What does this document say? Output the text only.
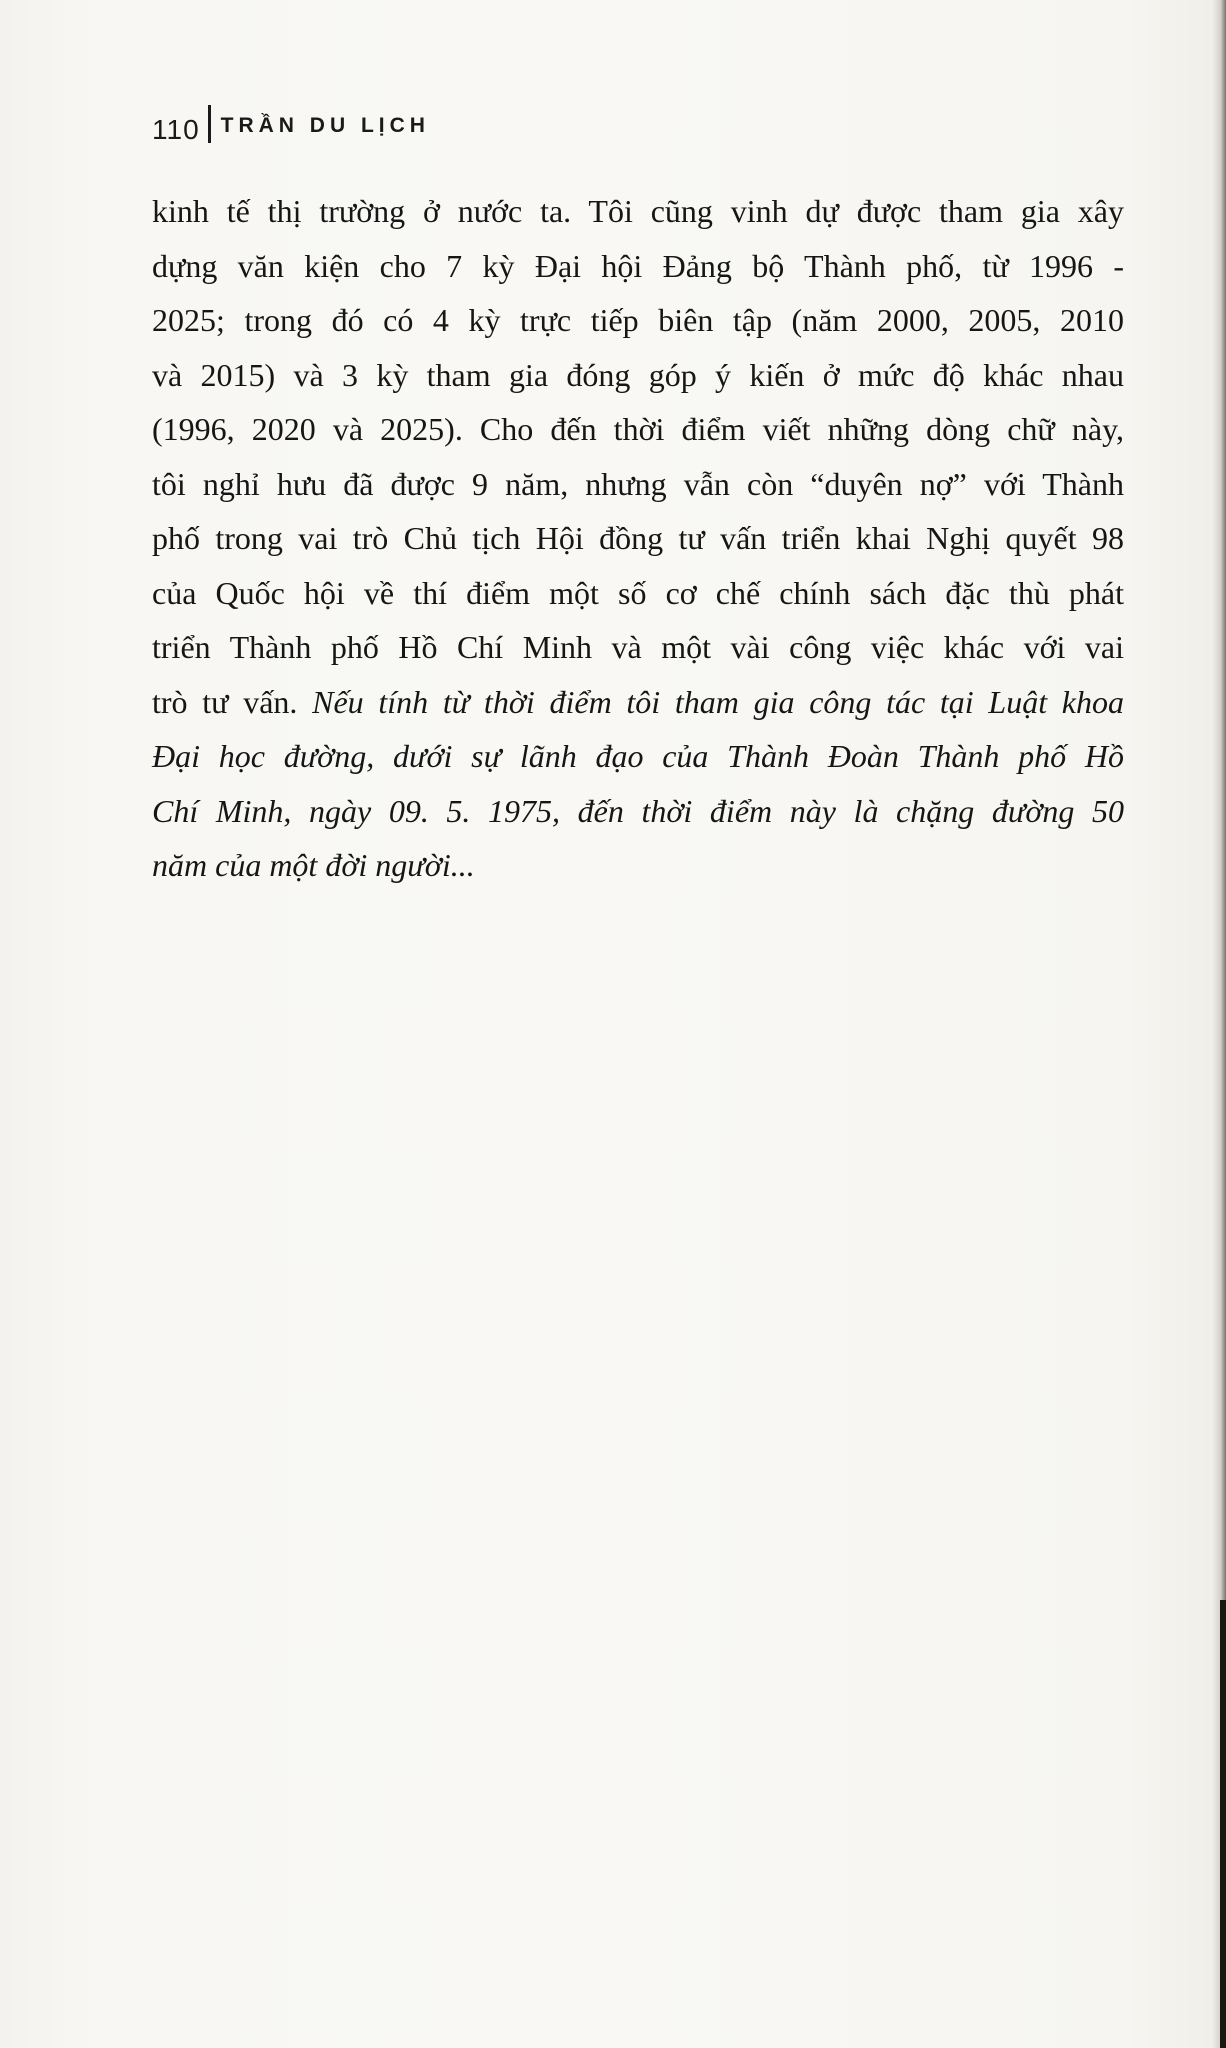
110 TRẦN DU LỊCH
kinh tế thị trường ở nước ta. Tôi cũng vinh dự được tham gia xây
dựng văn kiện cho 7 kỳ Đại hội Đảng bộ Thành phố, từ 1996 -
2025; trong đó có 4 kỳ trực tiếp biên tập (năm 2000, 2005, 2010
và 2015) và 3 kỳ tham gia đóng góp ý kiến ở mức độ khác nhau
(1996, 2020 và 2025). Cho đến thời điểm viết những dòng chữ này,
tôi nghỉ hưu đã được 9 năm, nhưng vẫn còn “duyên nợ” với Thành
phố trong vai trò Chủ tịch Hội đồng tư vấn triển khai Nghị quyết 98
của Quốc hội về thí điểm một số cơ chế chính sách đặc thù phát
triển Thành phố Hồ Chí Minh và một vài công việc khác với vai
trò tư vấn. Nếu tính từ thời điểm tôi tham gia công tác tại Luật khoa
Đại học đường, dưới sự lãnh đạo của Thành Đoàn Thành phố Hồ
Chí Minh, ngày 09. 5. 1975, đến thời điểm này là chặng đường 50
năm của một đời người...
